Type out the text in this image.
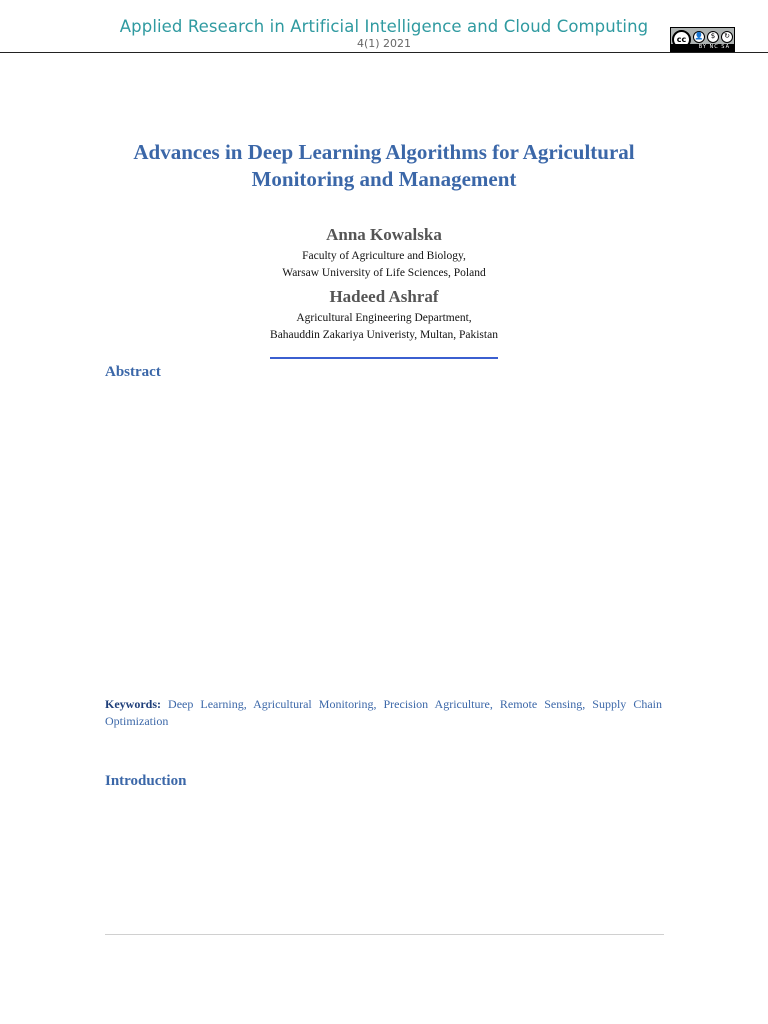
Applied Research in Artificial Intelligence and Cloud Computing
4(1) 2021	cc	👤	$	↻
BY NC SA
Advances in Deep Learning Algorithms for Agricultural Monitoring and Management
Anna Kowalska
Faculty of Agriculture and Biology,
Warsaw University of Life Sciences, Poland
Hadeed Ashraf
Agricultural Engineering Department,
Bahauddin Zakariya Univeristy, Multan, Pakistan
Abstract
Keywords: Deep Learning, Agricultural Monitoring, Precision Agriculture, Remote Sensing, Supply Chain Optimization
Introduction
